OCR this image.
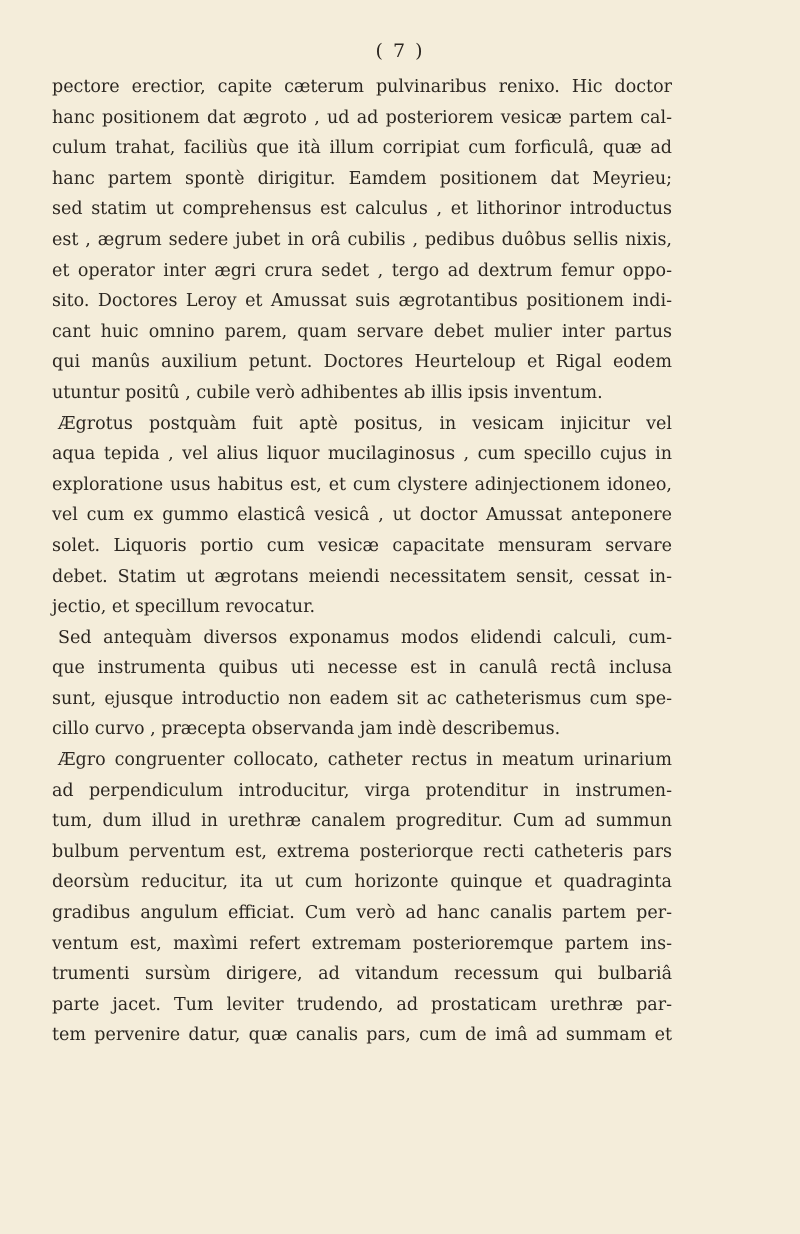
( 7 )
pectore erectior, capite cæterum pulvinaribus renixo. Hic doctor
hanc positionem dat ægroto , ud ad posteriorem vesicæ partem cal-
culum trahat, faciliùs que ità illum corripiat cum forficulâ, quæ ad
hanc partem spontè dirigitur. Eamdem positionem dat Meyrieu;
sed statim ut comprehensus est calculus , et lithorinor introductus
est , ægrum sedere jubet in orâ cubilis , pedibus duôbus sellis nixis,
et operator inter ægri crura sedet , tergo ad dextrum femur oppo-
sito. Doctores Leroy et Amussat suis ægrotantibus positionem indi-
cant huic omnino parem, quam servare debet mulier inter partus
qui manûs auxilium petunt. Doctores Heurteloup et Rigal eodem
utuntur positû , cubile verò adhibentes ab illis ipsis inventum.
Ægrotus postquàm fuit aptè positus, in vesicam injicitur vel
aqua tepida , vel alius liquor mucilaginosus , cum specillo cujus in
exploratione usus habitus est, et cum clystere adinjectionem idoneo,
vel cum ex gummo elasticâ vesicâ , ut doctor Amussat anteponere
solet. Liquoris portio cum vesicæ capacitate mensuram servare
debet. Statim ut ægrotans meiendi necessitatem sensit, cessat in-
jectio, et specillum revocatur.
Sed antequàm diversos exponamus modos elidendi calculi, cum-
que instrumenta quibus uti necesse est in canulâ rectâ inclusa
sunt, ejusque introductio non eadem sit ac catheterismus cum spe-
cillo curvo , præcepta observanda jam indè describemus.
Ægro congruenter collocato, catheter rectus in meatum urinarium
ad perpendiculum introducitur, virga protenditur in instrumen-
tum, dum illud in urethræ canalem progreditur. Cum ad summun
bulbum perventum est, extrema posteriorque recti catheteris pars
deorsùm reducitur, ita ut cum horizonte quinque et quadraginta
gradibus angulum efficiat. Cum verò ad hanc canalis partem per-
ventum est, maxìmi refert extremam posterioremque partem ins-
trumenti sursùm dirigere, ad vitandum recessum qui bulbariâ
parte jacet. Tum leviter trudendo, ad prostaticam urethræ par-
tem pervenire datur, quæ canalis pars, cum de imâ ad summam et
